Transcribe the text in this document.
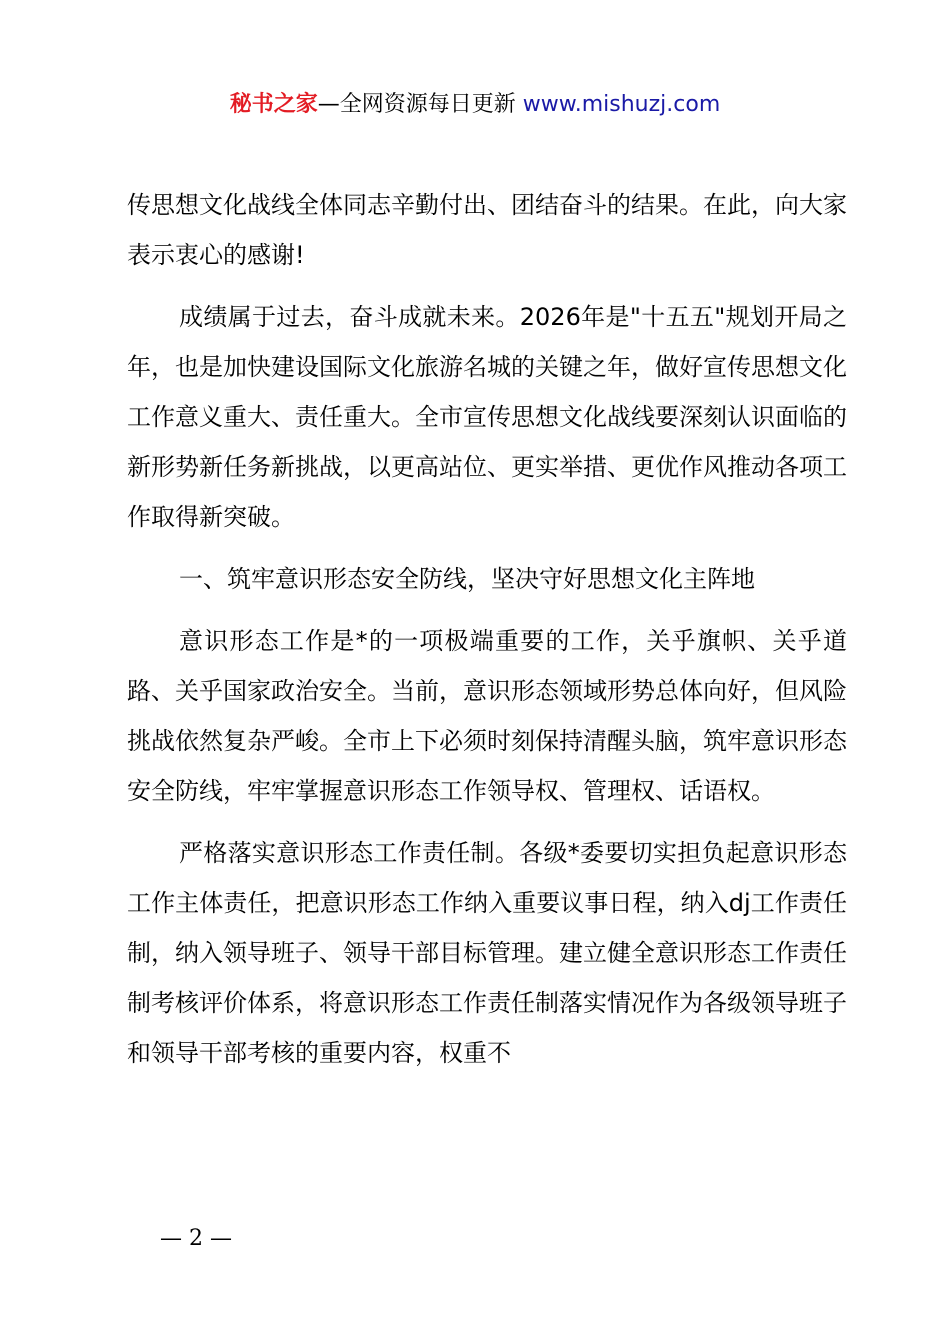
秘书之家—全网资源每日更新 www.mishuzj.com

传思想文化战线全体同志辛勤付出、团结奋斗的结果。在此，向大家表示衷心的感谢!

成绩属于过去，奋斗成就未来。2026年是"十五五"规划开局之年，也是加快建设国际文化旅游名城的关键之年，做好宣传思想文化工作意义重大、责任重大。全市宣传思想文化战线要深刻认识面临的新形势新任务新挑战，以更高站位、更实举措、更优作风推动各项工作取得新突破。

一、筑牢意识形态安全防线，坚决守好思想文化主阵地

意识形态工作是*的一项极端重要的工作，关乎旗帜、关乎道路、关乎国家政治安全。当前，意识形态领域形势总体向好，但风险挑战依然复杂严峻。全市上下必须时刻保持清醒头脑，筑牢意识形态安全防线，牢牢掌握意识形态工作领导权、管理权、话语权。

严格落实意识形态工作责任制。各级*委要切实担负起意识形态工作主体责任，把意识形态工作纳入重要议事日程，纳入dj工作责任制，纳入领导班子、领导干部目标管理。建立健全意识形态工作责任制考核评价体系，将意识形态工作责任制落实情况作为各级领导班子和领导干部考核的重要内容，权重不

— 2 —
